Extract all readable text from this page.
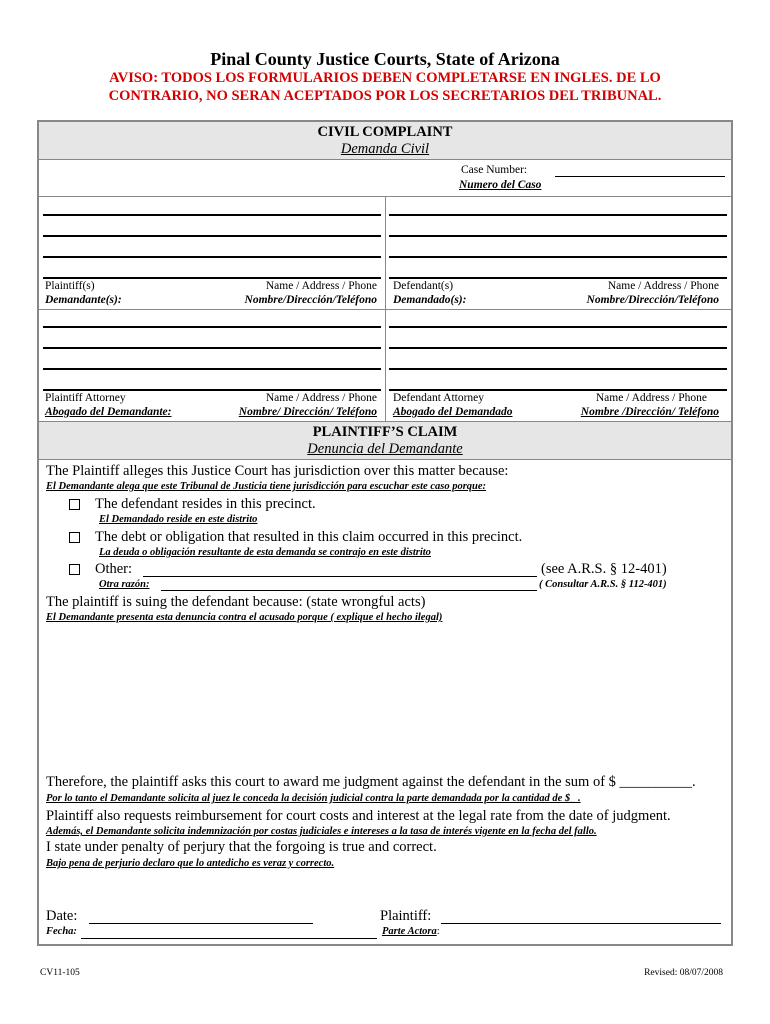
Pinal County Justice Courts, State of Arizona
AVISO: TODOS LOS FORMULARIOS DEBEN COMPLETARSE EN INGLES. DE LO
CONTRARIO, NO SERAN ACEPTADOS POR LOS SECRETARIOS DEL TRIBUNAL.
CIVIL COMPLAINT
Demanda Civil
Case Number:
Numero del Caso
Plaintiff(s)	Name / Address / Phone
Demandante(s):	Nombre/Dirección/Teléfono
Defendant(s)	Name / Address / Phone
Demandado(s):	Nombre/Dirección/Teléfono
Plaintiff Attorney	Name / Address / Phone
Abogado del Demandante:	Nombre/ Dirección/ Teléfono
Defendant Attorney	Name / Address / Phone
Abogado del Demandado	Nombre /Dirección/ Teléfono
PLAINTIFF’S CLAIM
Denuncia del Demandante
The Plaintiff alleges this Justice Court has jurisdiction over this matter because:
El Demandante alega que este Tribunal de Justicia tiene jurisdicción para escuchar este caso porque:
The defendant resides in this precinct.
El Demandado reside en este distrito
The debt or obligation that resulted in this claim occurred in this precinct.
La deuda o obligación resultante de esta demanda se contrajo en este distrito
Other:	(see A.R.S. § 12-401)
Otra razón:	( Consultar A.R.S. § 112-401)
The plaintiff is suing the defendant because: (state wrongful acts)
El Demandante presenta esta denuncia contra el acusado porque ( explique el hecho ilegal)
Therefore, the plaintiff asks this court to award me judgment against the defendant in the sum of $ __________.
Por lo tanto el Demandante solicita al juez le conceda la decisión judicial contra la parte demandada por la cantidad de $_ .
Plaintiff also requests reimbursement for court costs and interest at the legal rate from the date of judgment.
Además, el Demandante solicita indemnización por costas judiciales e intereses a la tasa de interés vigente en la fecha del fallo.
I state under penalty of perjury that the forgoing is true and correct.
Bajo pena de perjurio declaro que lo antedicho es veraz y correcto.
Date:
Fecha:
Plaintiff:
Parte Actora:
CV11-105	Revised: 08/07/2008
